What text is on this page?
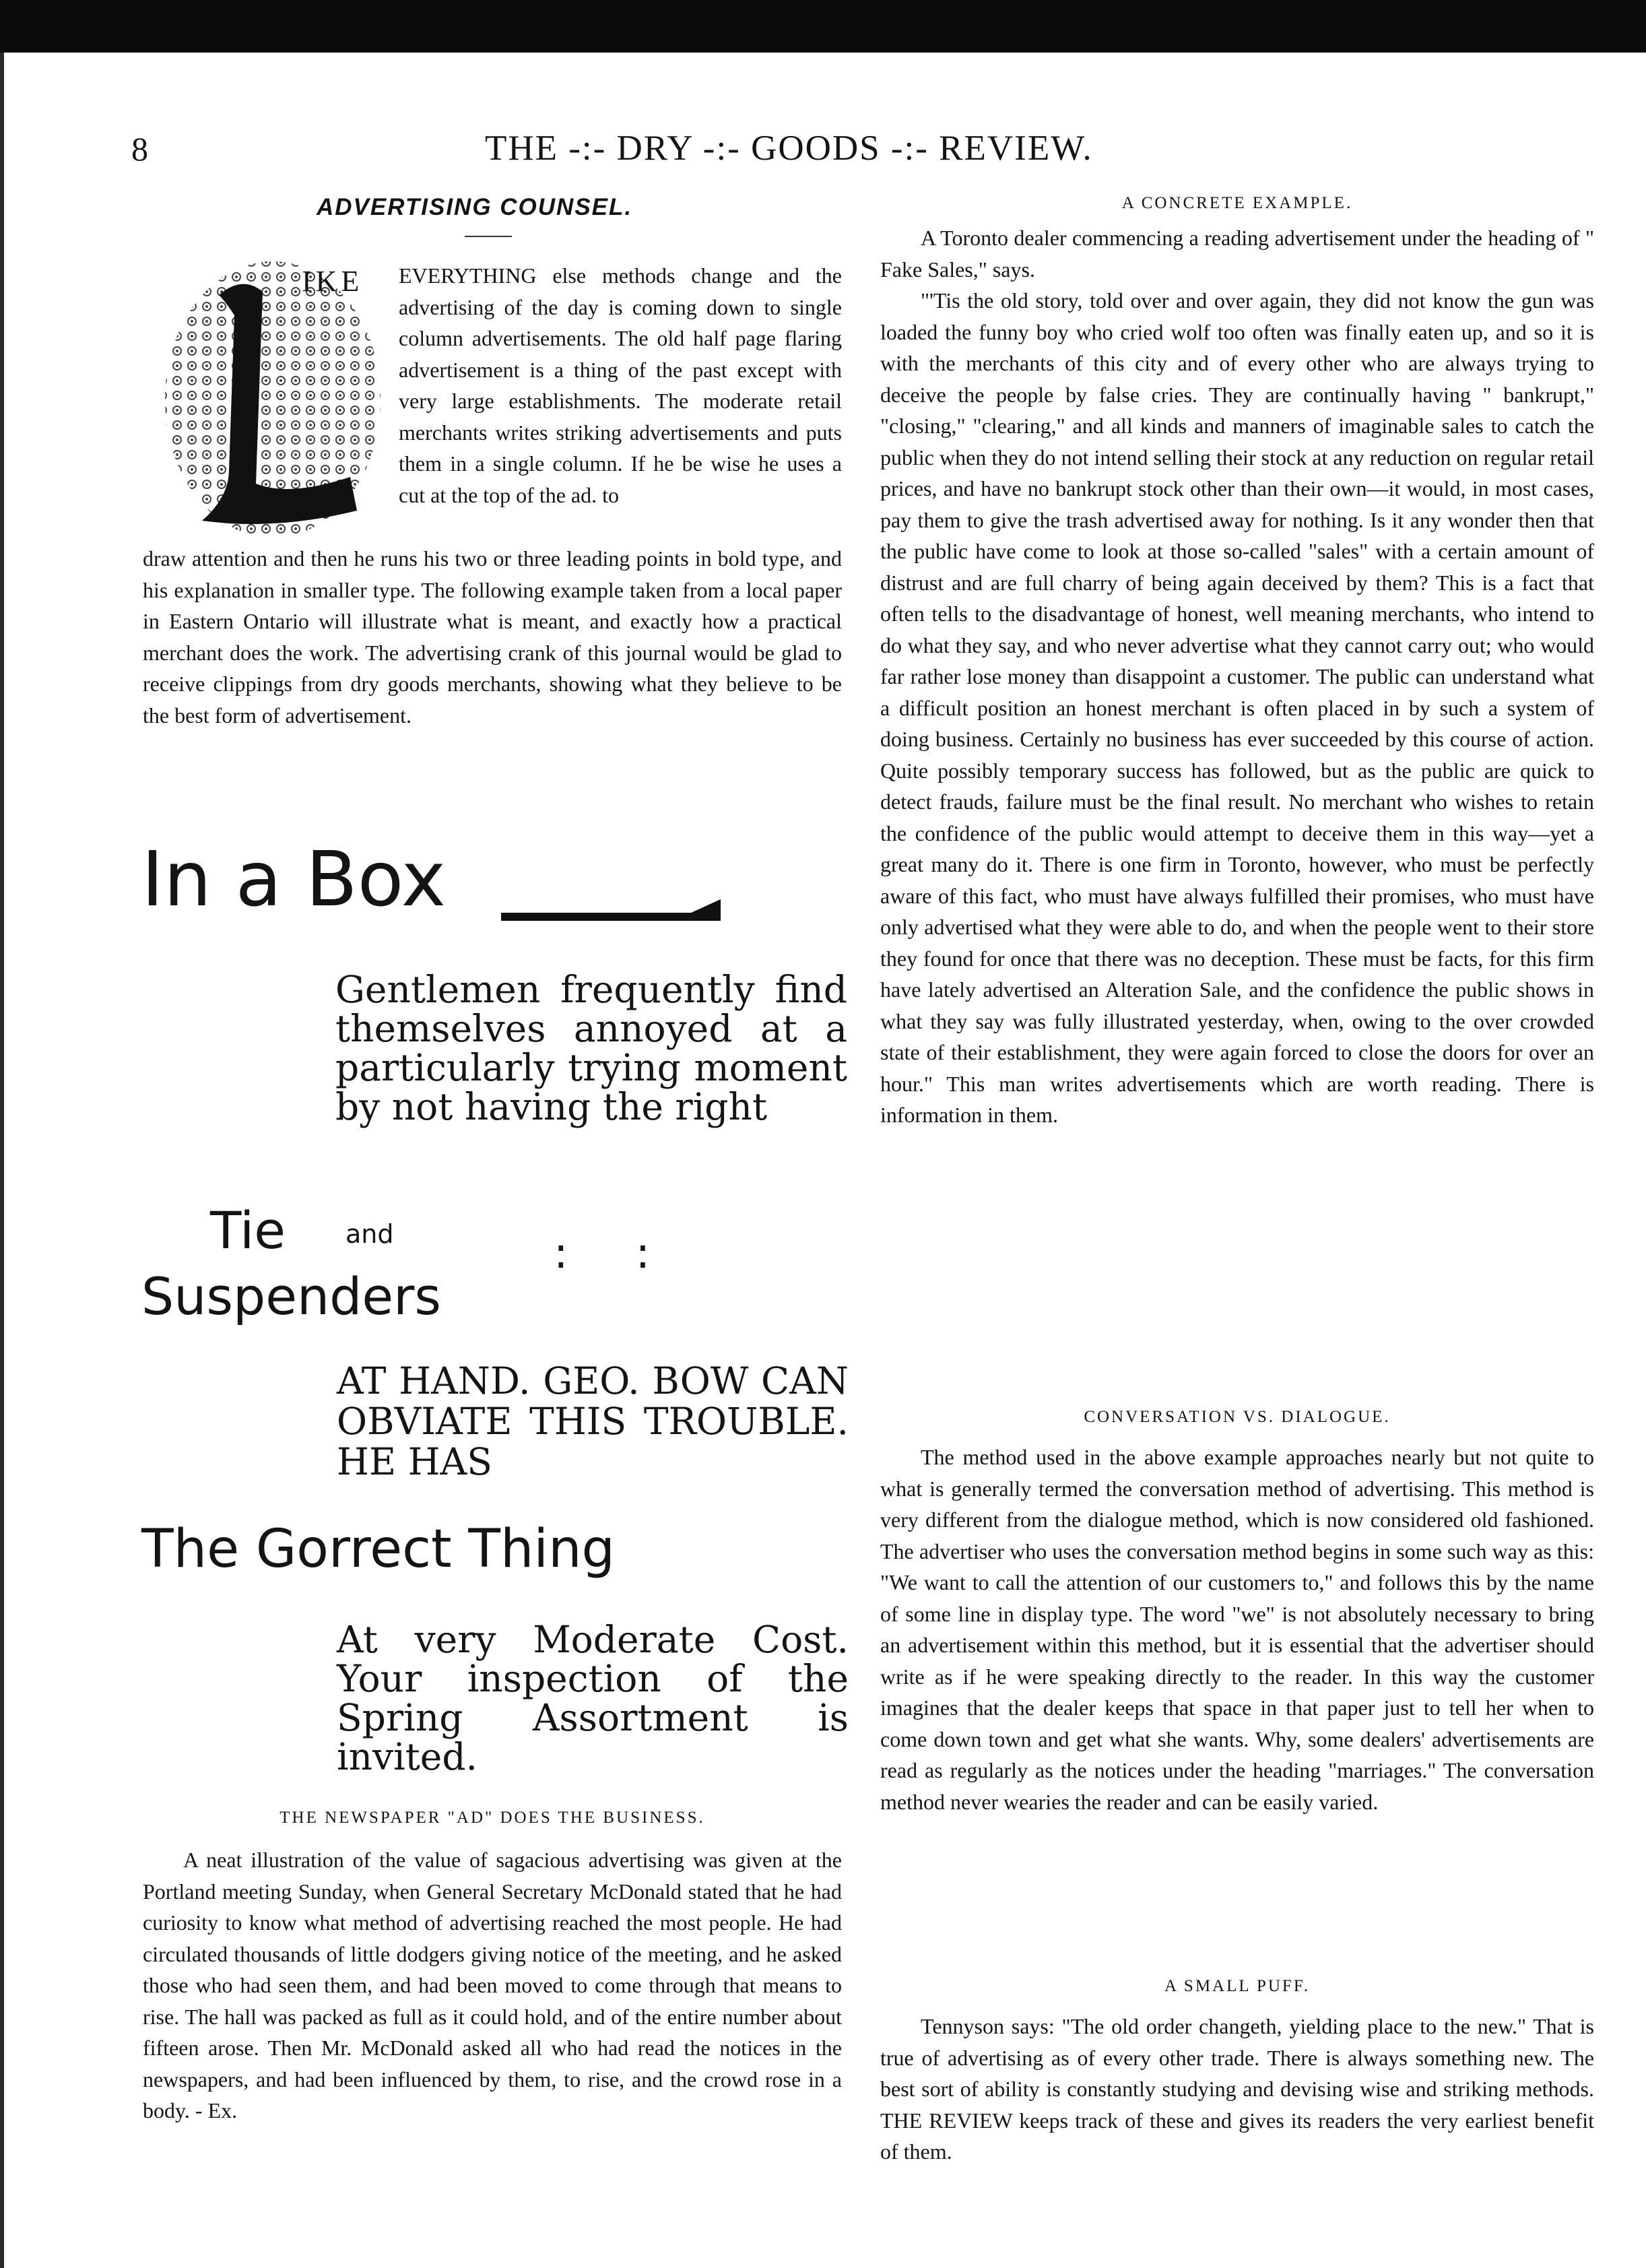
8	THE -:- DRY -:- GOODS -:- REVIEW.
ADVERTISING COUNSEL.
IKE EVERYTHING else methods change and the advertising of the day is coming down to single column advertisements. The old half page flaring advertisement is a thing of the past except with very large establishments. The moderate retail merchants writes striking advertisements and puts them in a single column. If he be wise he uses a cut at the top of the ad. to

draw attention and then he runs his two or three leading points in bold type, and his explanation in smaller type. The following example taken from a local paper in Eastern Ontario will illustrate what is meant, and exactly how a practical merchant does the work. The advertising crank of this journal would be glad to receive clippings from dry goods merchants, showing what they believe to be the best form of advertisement.

In a Box
Gentlemen frequently find themselves annoyed at a particularly trying moment by not having the right
Tie and
Suspenders
::
AT HAND. GEO. BOW CAN OBVIATE THIS TROUBLE. HE HAS
The Gorrect Thing
At very Moderate Cost. Your inspection of the Spring Assortment is invited.
THE NEWSPAPER "AD" DOES THE BUSINESS.

A neat illustration of the value of sagacious advertising was given at the Portland meeting Sunday, when General Secretary McDonald stated that he had curiosity to know what method of advertising reached the most people. He had circulated thousands of little dodgers giving notice of the meeting, and he asked those who had seen them, and had been moved to come through that means to rise. The hall was packed as full as it could hold, and of the entire number about fifteen arose. Then Mr. McDonald asked all who had read the notices in the newspapers, and had been influenced by them, to rise, and the crowd rose in a body. - Ex.

A CONCRETE EXAMPLE.

A Toronto dealer commencing a reading advertisement under the heading of " Fake Sales," says.

"'Tis the old story, told over and over again, they did not know the gun was loaded the funny boy who cried wolf too often was finally eaten up, and so it is with the merchants of this city and of every other who are always trying to deceive the people by false cries. They are continually having " bankrupt," "closing," "clearing," and all kinds and manners of imaginable sales to catch the public when they do not intend selling their stock at any reduction on regular retail prices, and have no bankrupt stock other than their own—it would, in most cases, pay them to give the trash advertised away for nothing. Is it any wonder then that the public have come to look at those so-called "sales" with a certain amount of distrust and are full charry of being again deceived by them? This is a fact that often tells to the disadvantage of honest, well meaning merchants, who intend to do what they say, and who never advertise what they cannot carry out; who would far rather lose money than disappoint a customer. The public can understand what a difficult position an honest merchant is often placed in by such a system of doing business. Certainly no business has ever succeeded by this course of action. Quite possibly temporary success has followed, but as the public are quick to detect frauds, failure must be the final result. No merchant who wishes to retain the confidence of the public would attempt to deceive them in this way—yet a great many do it. There is one firm in Toronto, however, who must be perfectly aware of this fact, who must have always fulfilled their promises, who must have only advertised what they were able to do, and when the people went to their store they found for once that there was no deception. These must be facts, for this firm have lately advertised an Alteration Sale, and the confidence the public shows in what they say was fully illustrated yesterday, when, owing to the over crowded state of their establishment, they were again forced to close the doors for over an hour." This man writes advertisements which are worth reading. There is information in them.

CONVERSATION VS. DIALOGUE.

The method used in the above example approaches nearly but not quite to what is generally termed the conversation method of advertising. This method is very different from the dialogue method, which is now considered old fashioned. The advertiser who uses the conversation method begins in some such way as this: "We want to call the attention of our customers to," and follows this by the name of some line in display type. The word "we" is not absolutely necessary to bring an advertisement within this method, but it is essential that the advertiser should write as if he were speaking directly to the reader. In this way the customer imagines that the dealer keeps that space in that paper just to tell her when to come down town and get what she wants. Why, some dealers' advertisements are read as regularly as the notices under the heading "marriages." The conversation method never wearies the reader and can be easily varied.

A SMALL PUFF.

Tennyson says: "The old order changeth, yielding place to the new." That is true of advertising as of every other trade. There is always something new. The best sort of ability is constantly studying and devising wise and striking methods. THE REVIEW keeps track of these and gives its readers the very earliest benefit of them.
